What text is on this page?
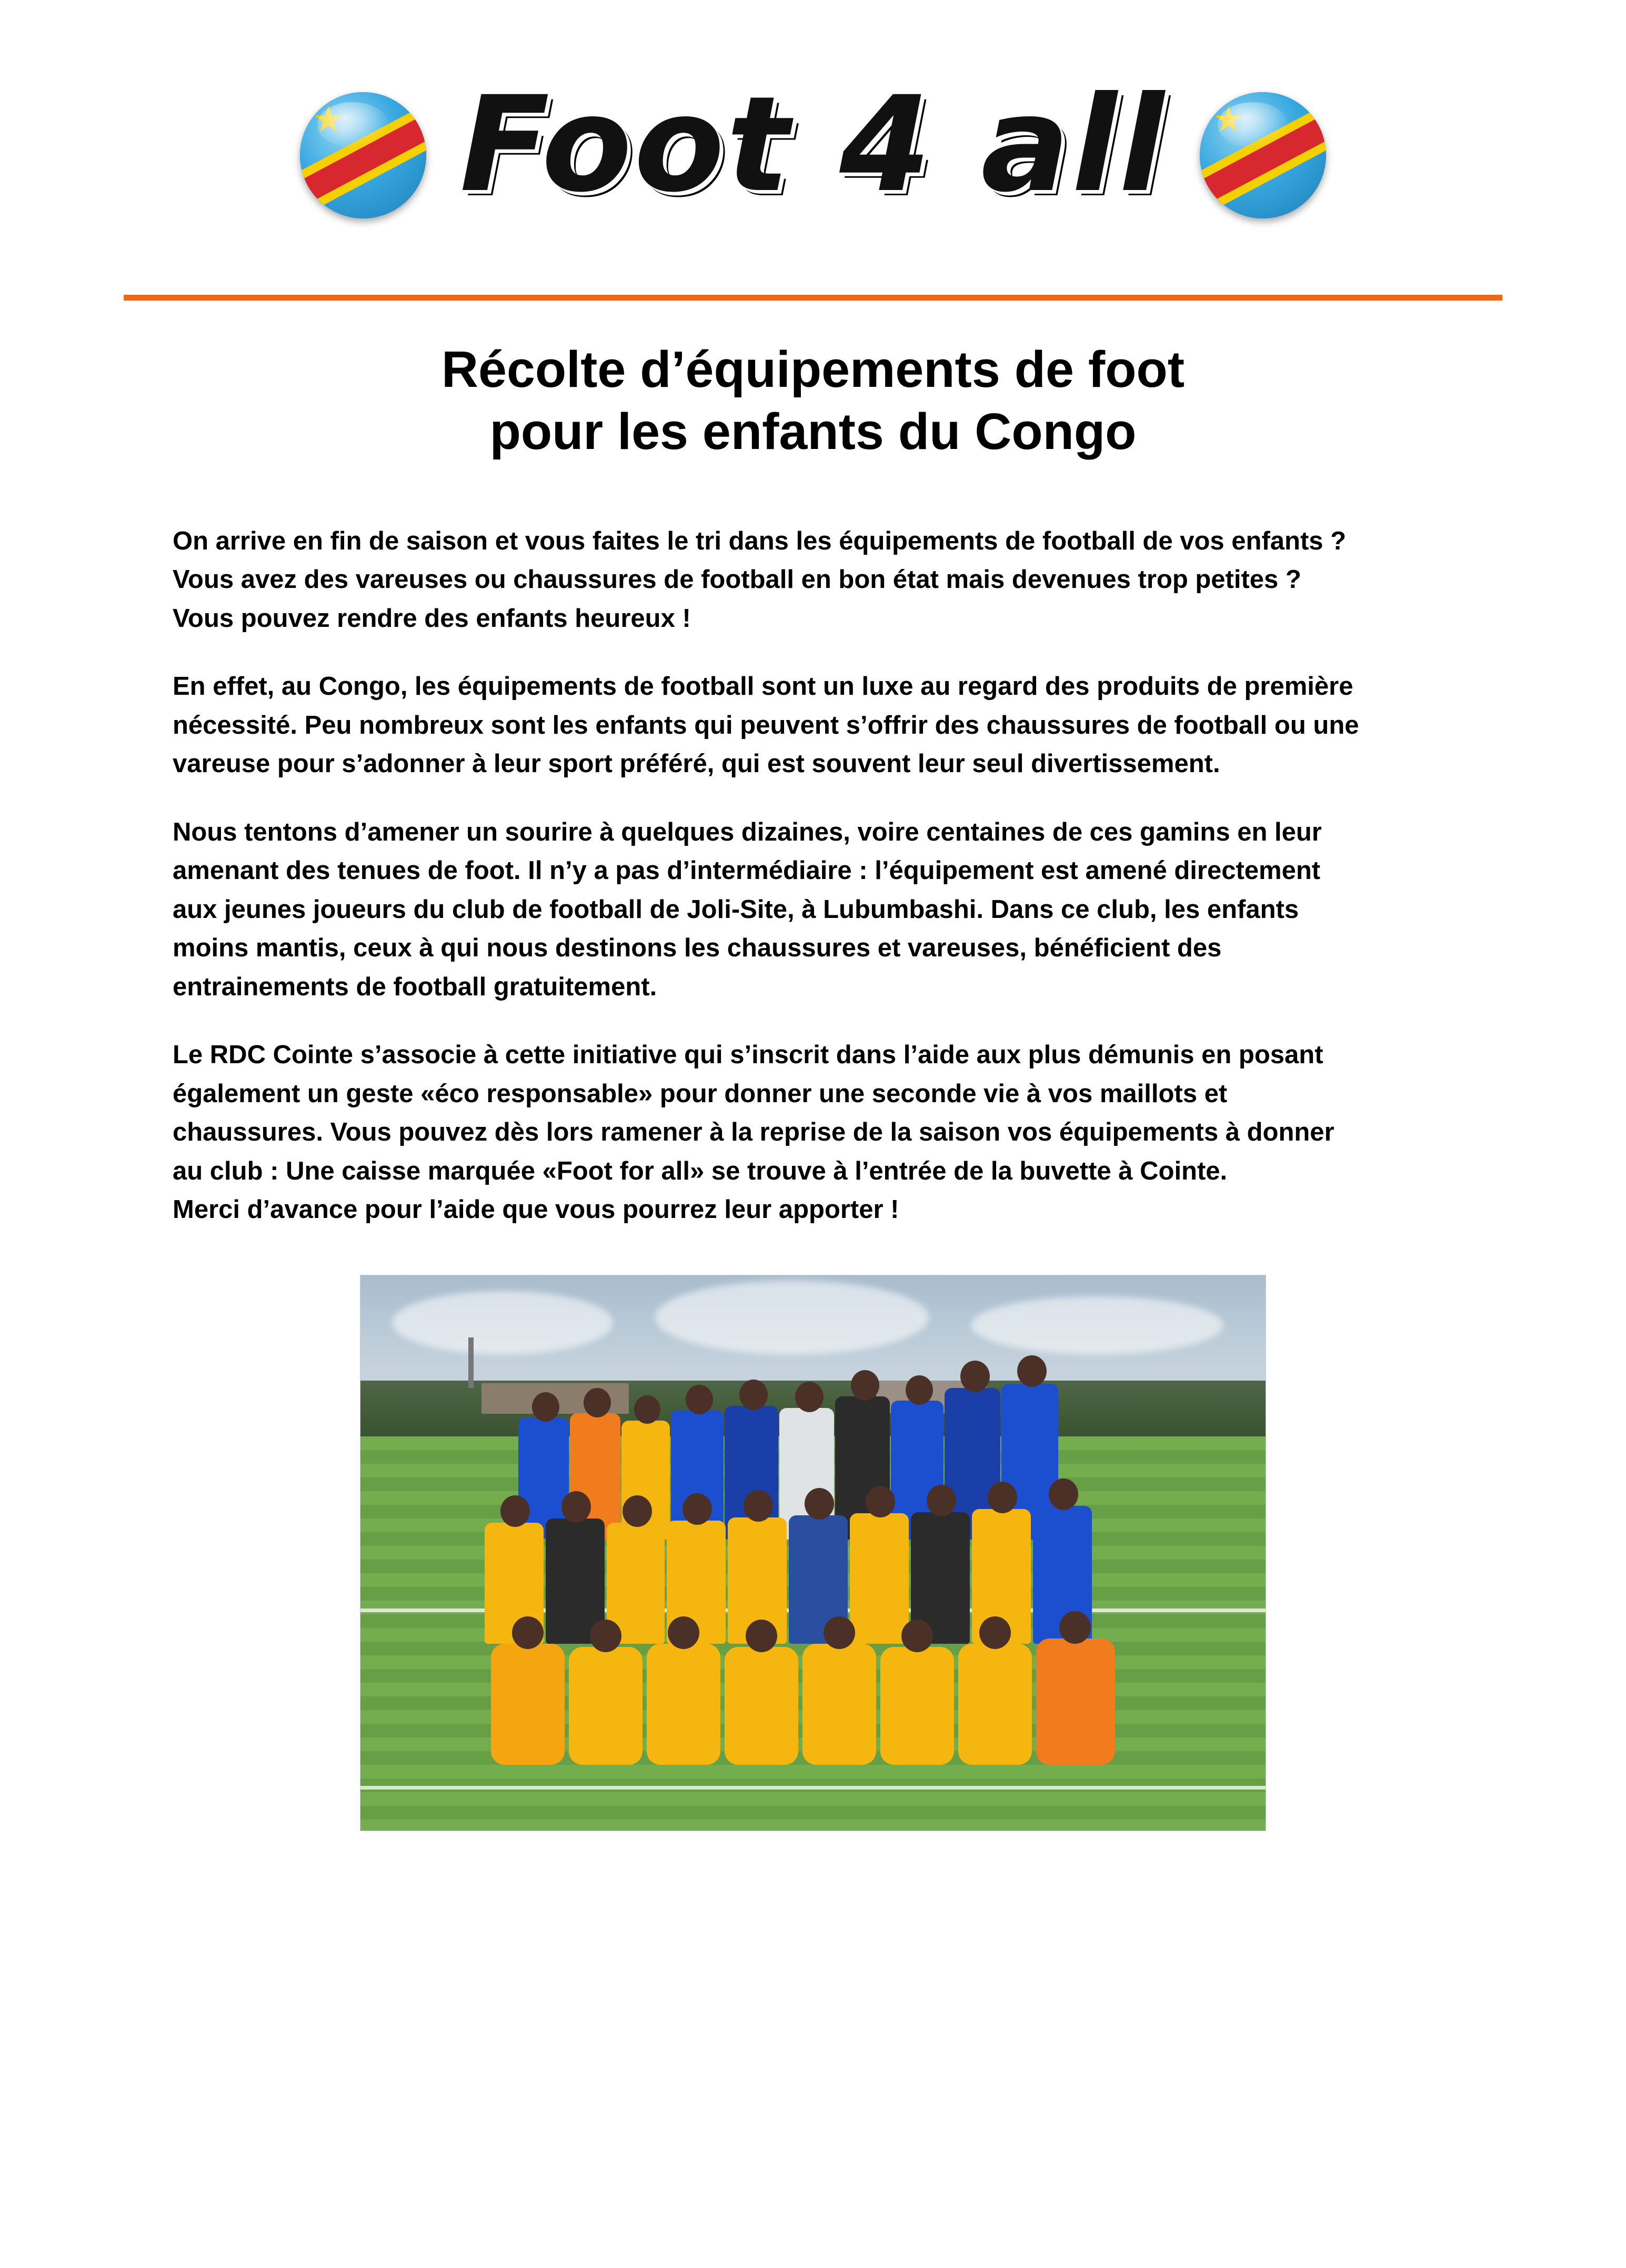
Foot 4 all
Récolte d’équipements de foot
pour les enfants du Congo

On arrive en fin de saison et vous faites le tri dans les équipements de football de vos enfants ?
Vous avez des vareuses ou chaussures de football en bon état mais devenues trop petites ?
Vous pouvez rendre des enfants heureux !

En effet, au Congo, les équipements de football sont un luxe au regard des produits de première
nécessité. Peu nombreux sont les enfants qui peuvent s’offrir des chaussures de football ou une
vareuse pour s’adonner à leur sport préféré, qui est souvent leur seul divertissement.

Nous tentons d’amener un sourire à quelques dizaines, voire centaines de ces gamins en leur
amenant des tenues de foot. Il n’y a pas d’intermédiaire : l’équipement est amené directement
aux jeunes joueurs du club de football de Joli-Site, à Lubumbashi. Dans ce club, les enfants
moins mantis, ceux à qui nous destinons les chaussures et vareuses, bénéficient des
entrainements de football gratuitement.

Le RDC Cointe s’associe à cette initiative qui s’inscrit dans l’aide aux plus démunis en posant
également un geste «éco responsable» pour donner une seconde vie à vos maillots et
chaussures. Vous pouvez dès lors ramener à la reprise de la saison vos équipements à donner
au club : Une caisse marquée «Foot for all» se trouve à l’entrée de la buvette à Cointe.
Merci d’avance pour l’aide que vous pourrez leur apporter !
